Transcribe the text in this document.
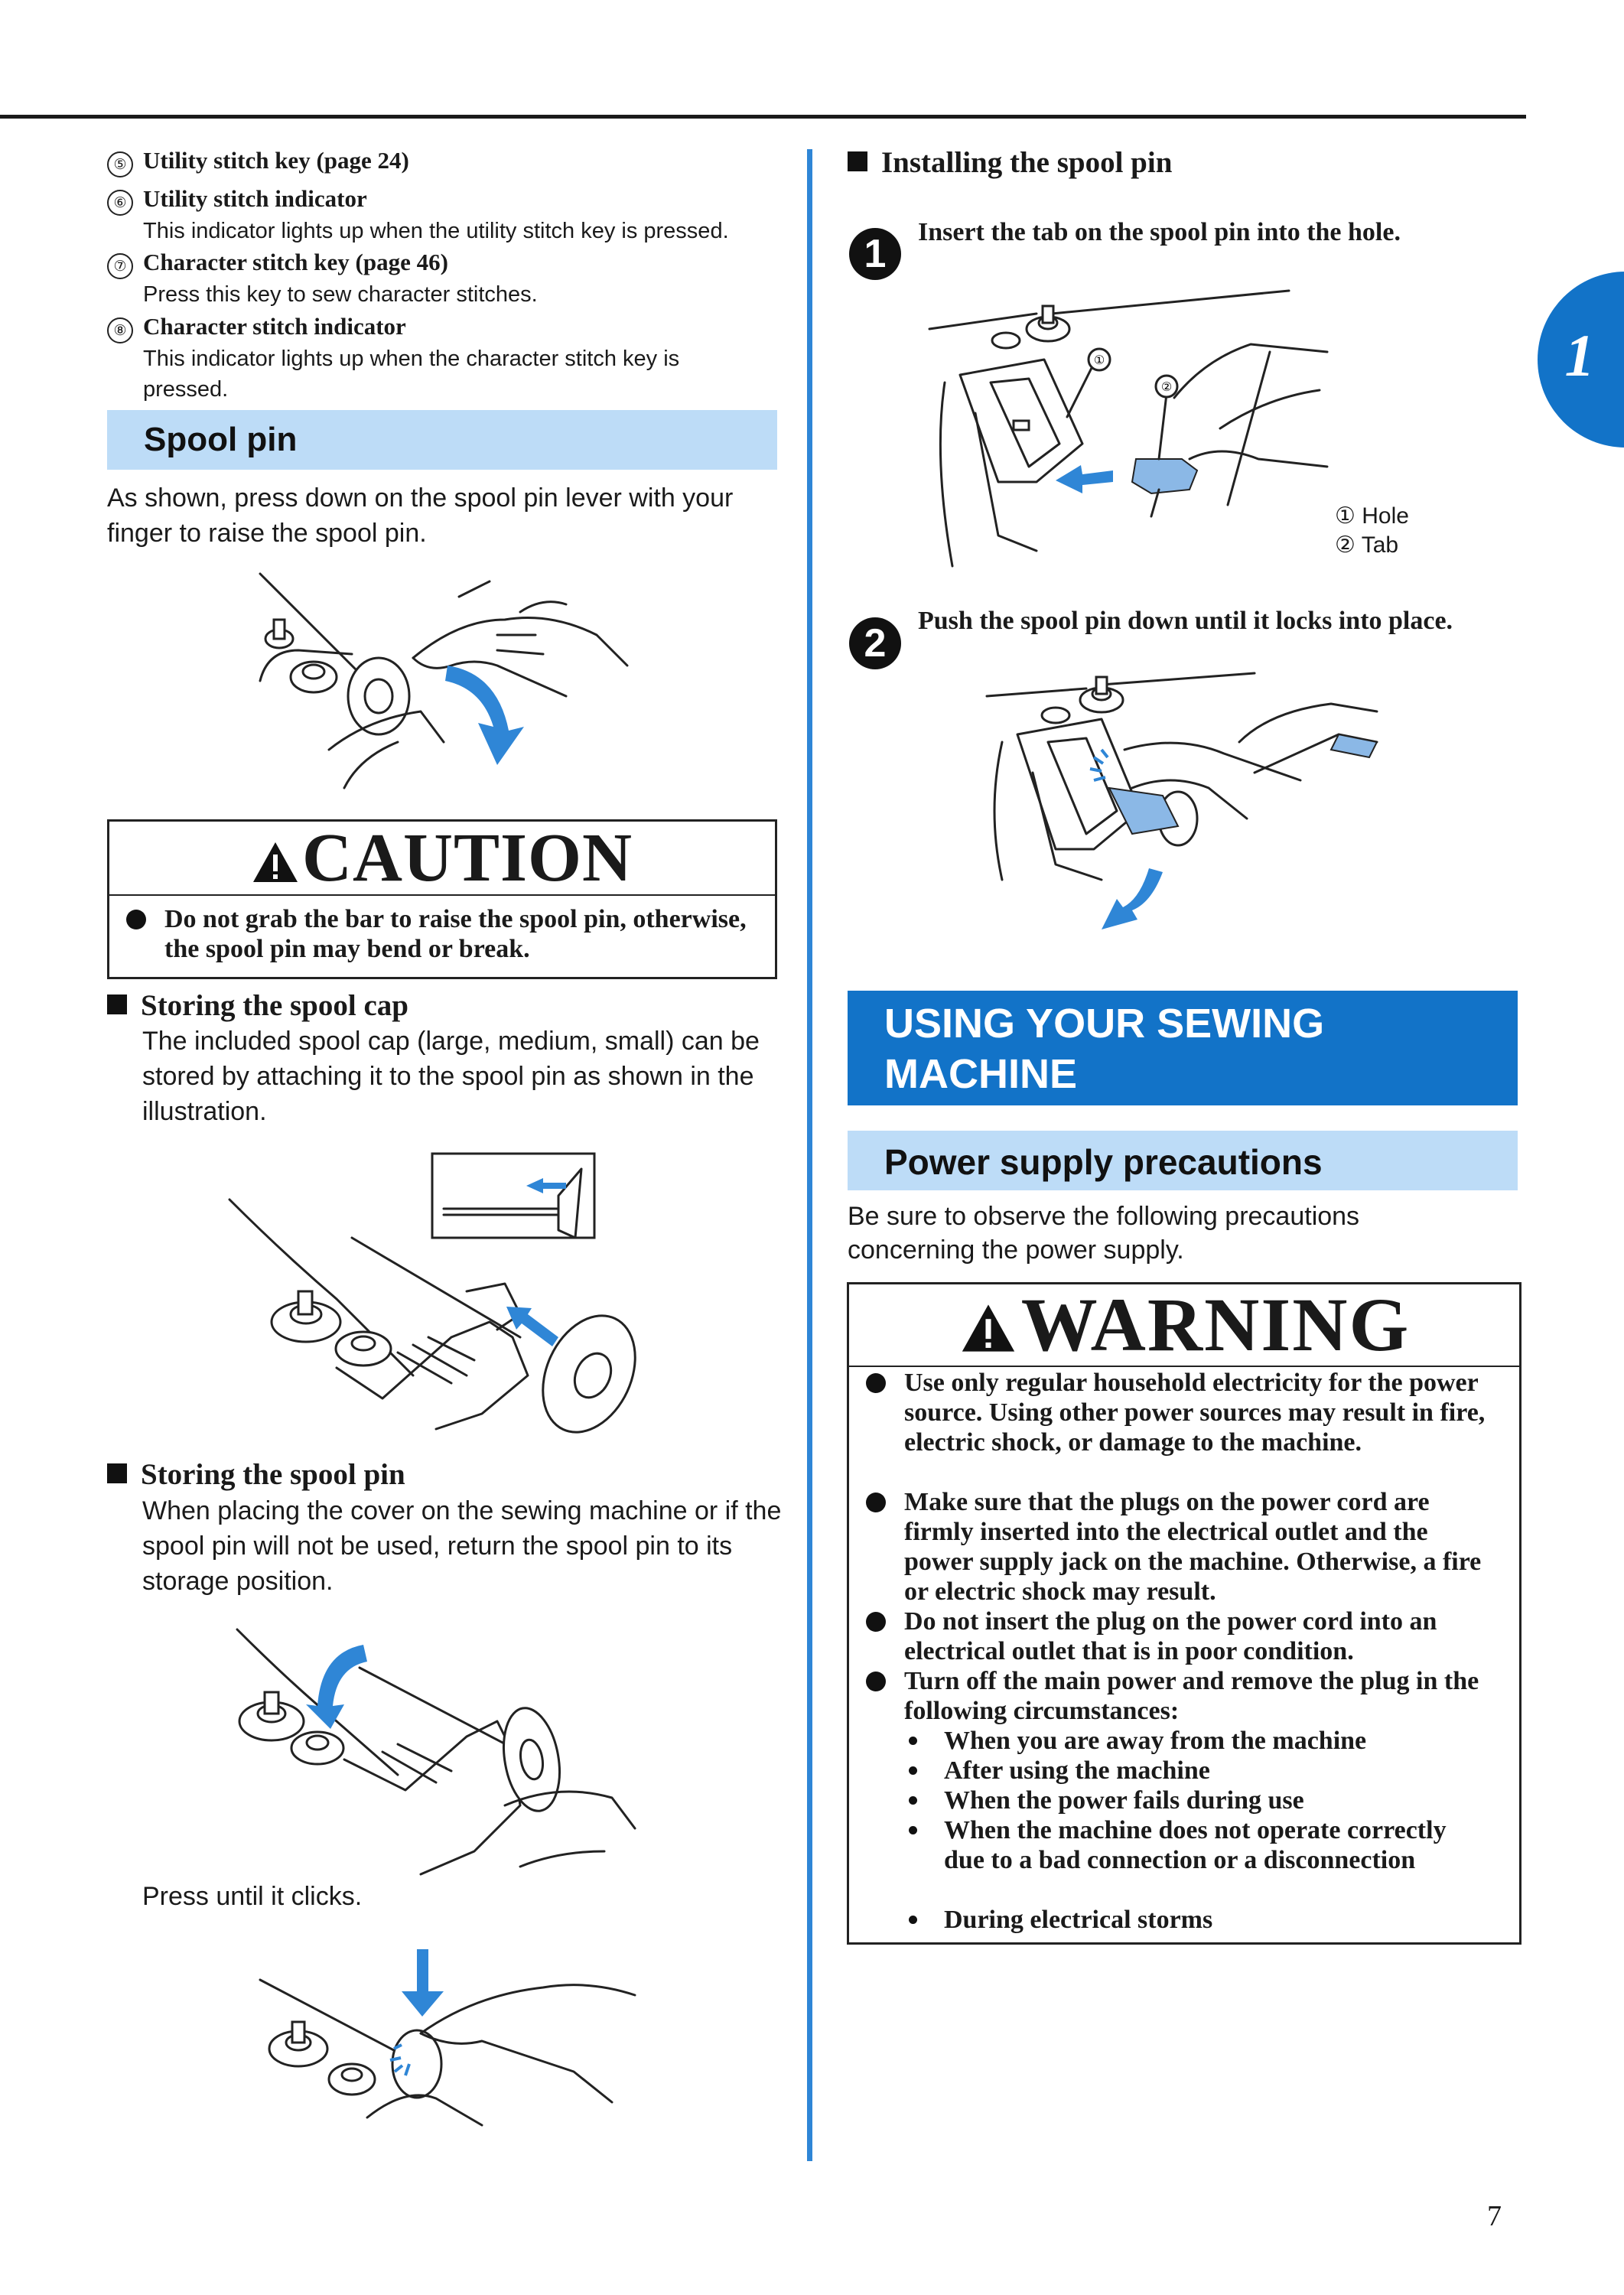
1
⑤ Utility stitch key (page 24)
⑥ Utility stitch indicator
This indicator lights up when the utility stitch key is pressed.
⑦ Character stitch key (page 46)
Press this key to sew character stitches.
⑧ Character stitch indicator
This indicator lights up when the character stitch key is pressed.
Spool pin
As shown, press down on the spool pin lever with your finger to raise the spool pin.
CAUTION
Do not grab the bar to raise the spool pin, otherwise, the spool pin may bend or break.
Storing the spool cap
The included spool cap (large, medium, small) can be stored by attaching it to the spool pin as shown in the illustration.
Storing the spool pin
When placing the cover on the sewing machine or if the spool pin will not be used, return the spool pin to its storage position.
Press until it clicks.
Installing the spool pin
1	Insert the tab on the spool pin into the hole.
①
②
① Hole
② Tab
2
Push the spool pin down until it locks into place.
USING YOUR SEWING
MACHINE
Power supply precautions
Be sure to observe the following precautions concerning the power supply.
WARNING
Use only regular household electricity for the power source. Using other power sources may result in fire, electric shock, or damage to the machine.
Make sure that the plugs on the power cord are firmly inserted into the electrical outlet and the power supply jack on the machine. Otherwise, a fire or electric shock may result.
Do not insert the plug on the power cord into an electrical outlet that is in poor condition.
Turn off the main power and remove the plug in the following circumstances:
When you are away from the machine
After using the machine
When the power fails during use
When the machine does not operate correctly due to a bad connection or a disconnection
During electrical storms
7
